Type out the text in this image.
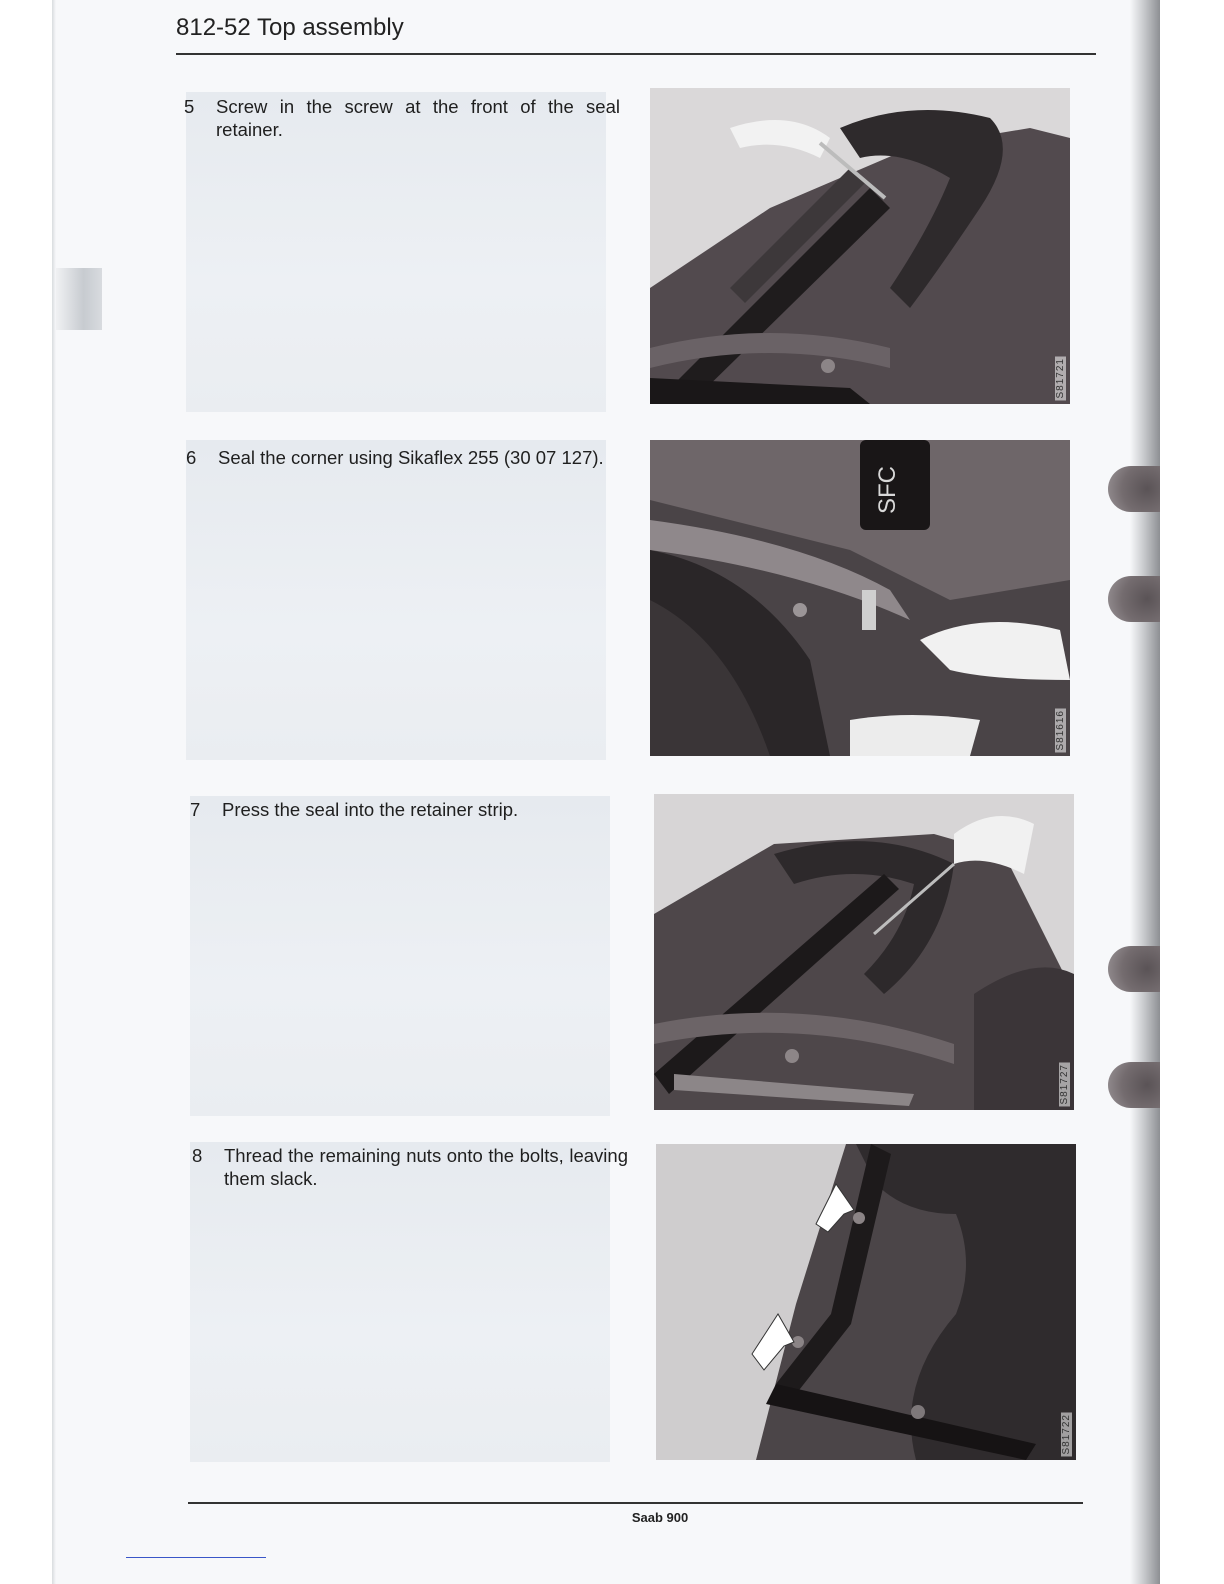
812-52 Top assembly
5	Screw in the screw at the front of the seal retainer.
S81721
6	Seal the corner using Sikaflex 255 (30 07 127).
SFC
S81616
7	Press the seal into the retainer strip.
S81727
8	Thread the remaining nuts onto the bolts, leaving them slack.
S81722
Saab 900
